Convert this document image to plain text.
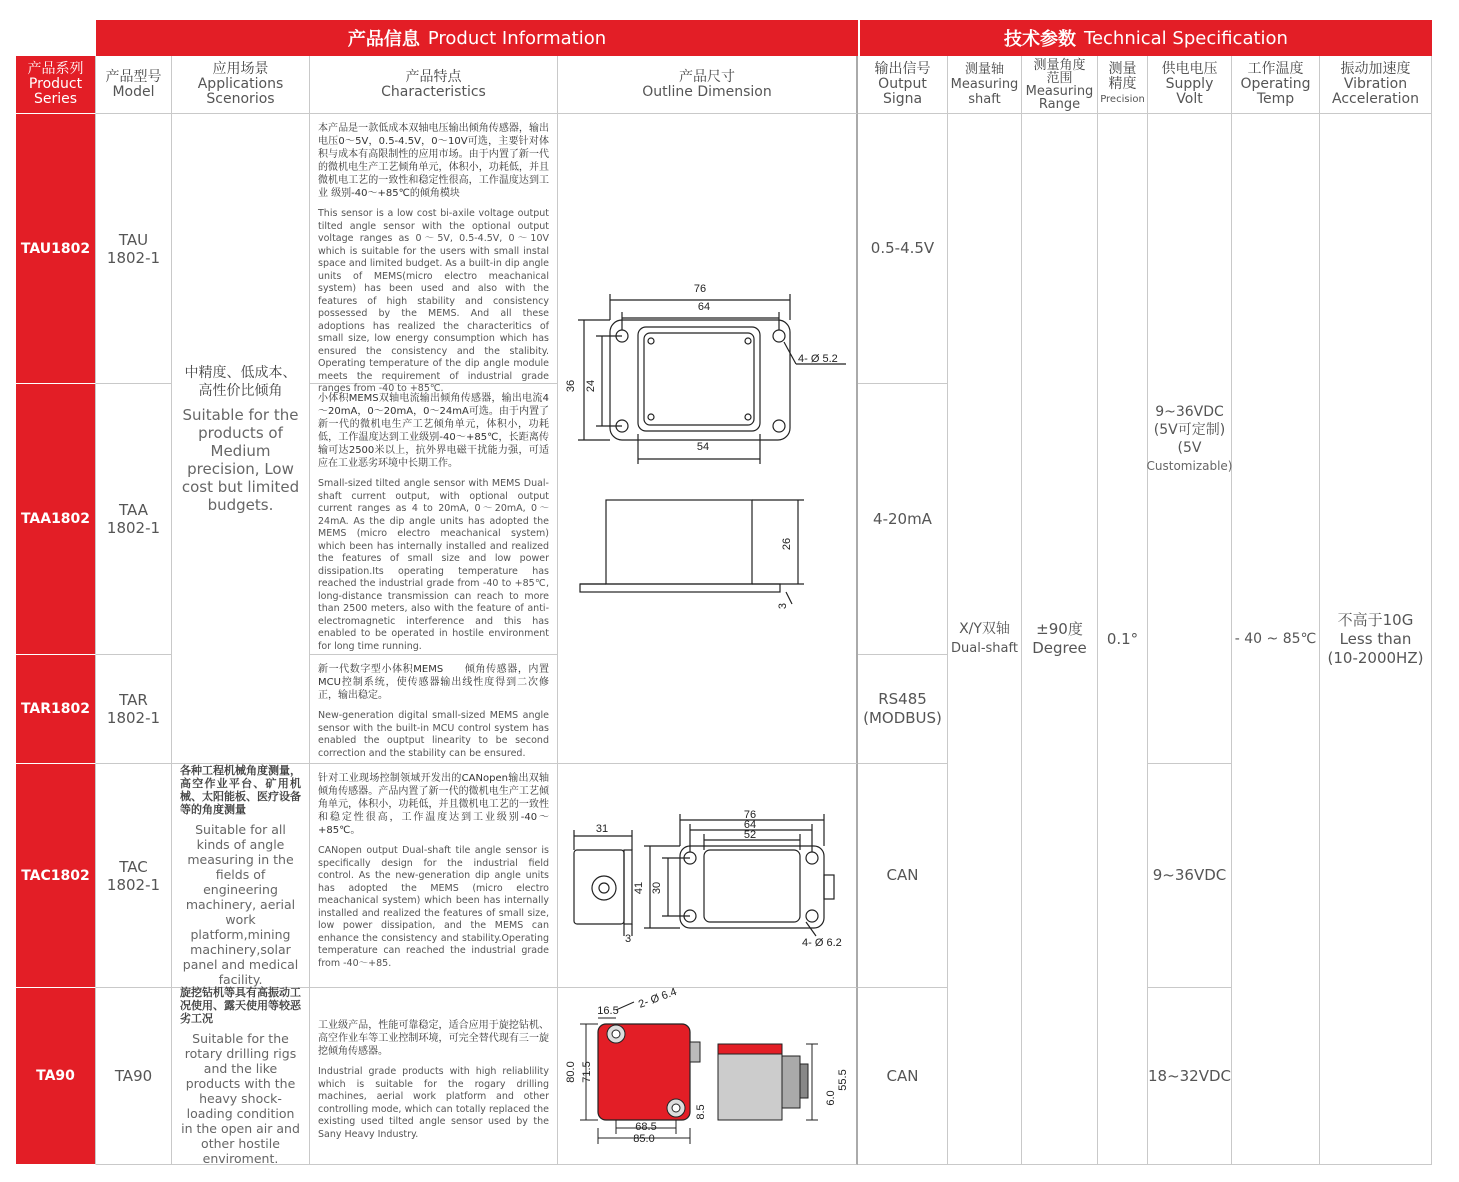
产品信息 Product Information	技术参数 Technical Specification
产品系列
Product
Series
产品型号
Model
应用场景
Applications
Scenorios
产品特点
Characteristics
产品尺寸
Outline Dimension
输出信号
Output
Signa
测量轴
Measuring
shaft
测量角度
范围
Measuring
Range
测量
精度
Precision
供电电压
Supply
Volt
工作温度
Operating
Temp
振动加速度
Vibration
Acceleration
TAU1802
TAA1802
TAR1802
TAC1802
TA90
TAU
1802-1
TAA
1802-1
TAR
1802-1
TAC
1802-1
TA90
中精度、低成本、
高性价比倾角
Suitable for the products of Medium precision, Low cost but limited budgets.
各种工程机械角度测量，高空作业平台、矿用机械、太阳能板、医疗设备等的角度测量
Suitable for all kinds of angle measuring in the fields of engineering machinery, aerial work platform,mining machinery,solar panel and medical facility.
旋挖钻机等具有高振动工况使用、露天使用等较恶劣工况
Suitable for the rotary drilling rigs and the like products with the heavy shock-loading condition in the open air and other hostile enviroment.
本产品是一款低成本双轴电压输出倾角传感器，输出电压0～5V，0.5-4.5V，0～10V可选，主要针对体积与成本有高限制性的应用市场。由于内置了新一代的微机电生产工艺倾角单元，体积小，功耗低，并且微机电工艺的一致性和稳定性很高，工作温度达到工业 级别-40～+85℃的倾角模块
This sensor is a low cost bi-axile voltage output tilted angle sensor with the optional output voltage ranges as 0～5V, 0.5-4.5V, 0～10V which is suitable for the users with small instal space and limited budget. As a built-in dip angle units of MEMS(micro electro meachanical system) has been used and also with the features of high stability and consistency possessed by the MEMS. And all these adoptions has realized the characteritics of small size, low energy consumption which has ensured the consistency and the stalibity. Operating temperature of the dip angle module meets the requirement of industrial grade ranges from -40 to +85℃.
小体积MEMS双轴电流输出倾角传感器，输出电流4～20mA，0～20mA，0～24mA可选。由于内置了新一代的微机电生产工艺倾角单元，体积小，功耗低，工作温度达到工业级别-40～+85℃，长距离传输可达2500米以上，抗外界电磁干扰能力强，可适应在工业恶劣环境中长期工作。
Small-sized tilted angle sensor with MEMS Dual-shaft current output, with optional output current ranges as 4 to 20mA, 0～20mA, 0～24mA. As the dip angle units has adopted the MEMS (micro electro meachanical system) which been has internally installed and realized the features of small size and low power dissipation.Its operating temperature has reached the industrial grade from -40 to +85℃, long-distance transmission can reach to more than 2500 meters, also with the feature of anti-electromagnetic interference and this has enabled to be operated in hostile environment for long time running.
新一代数字型小体积MEMS　　倾角传感器，内置MCU控制系统，使传感器输出线性度得到二次修正，输出稳定。
New-generation digital small-sized MEMS angle sensor with the built-in MCU control system has enabled the ouptput linearity to be second correction and the stability can be ensured.
针对工业现场控制领域开发出的CANopen输出双轴倾角传感器。产品内置了新一代的微机电生产工艺倾角单元，体积小，功耗低，并且微机电工艺的一致性和稳定性很高，工作温度达到工业级别-40～+85℃。
CANopen output Dual-shaft tile angle sensor is specifically design for the industrial field control. As the new-generation dip angle units has adopted the MEMS (micro electro meachanical system) which been has internally installed and realized the features of small size, low power dissipation, and the MEMS can enhance the consistency and stability.Operating temperature can reached the industrial grade from -40～+85.
工业级产品，性能可靠稳定，适合应用于旋挖钻机、高空作业车等工业控制环境，可完全替代现有三一旋挖倾角传感器。
Industrial grade products with high reliablility which is suitable for the rogary drilling machines, aerial work platform and other controlling mode, which can totally replaced the existing used tilted angle sensor used by the Sany Heavy Industry.
76
64
54
36 24
4- Ø 5.2
26
3
31
76
64
52
41 30
3	4- Ø 6.2
16.5
2- Ø 6.4
80.0 71.5
68.5
85.0
8.5
6.0
55.5
0.5-4.5V
4-20mA
RS485
(MODBUS)
CAN
CAN
X/Y双轴
Dual-shaft
±90度
Degree
0.1°
9~36VDC
(5V可定制)
(5V
Customizable)
9~36VDC
18~32VDC
- 40 ~ 85℃
不高于10G
Less than
(10-2000HZ)
